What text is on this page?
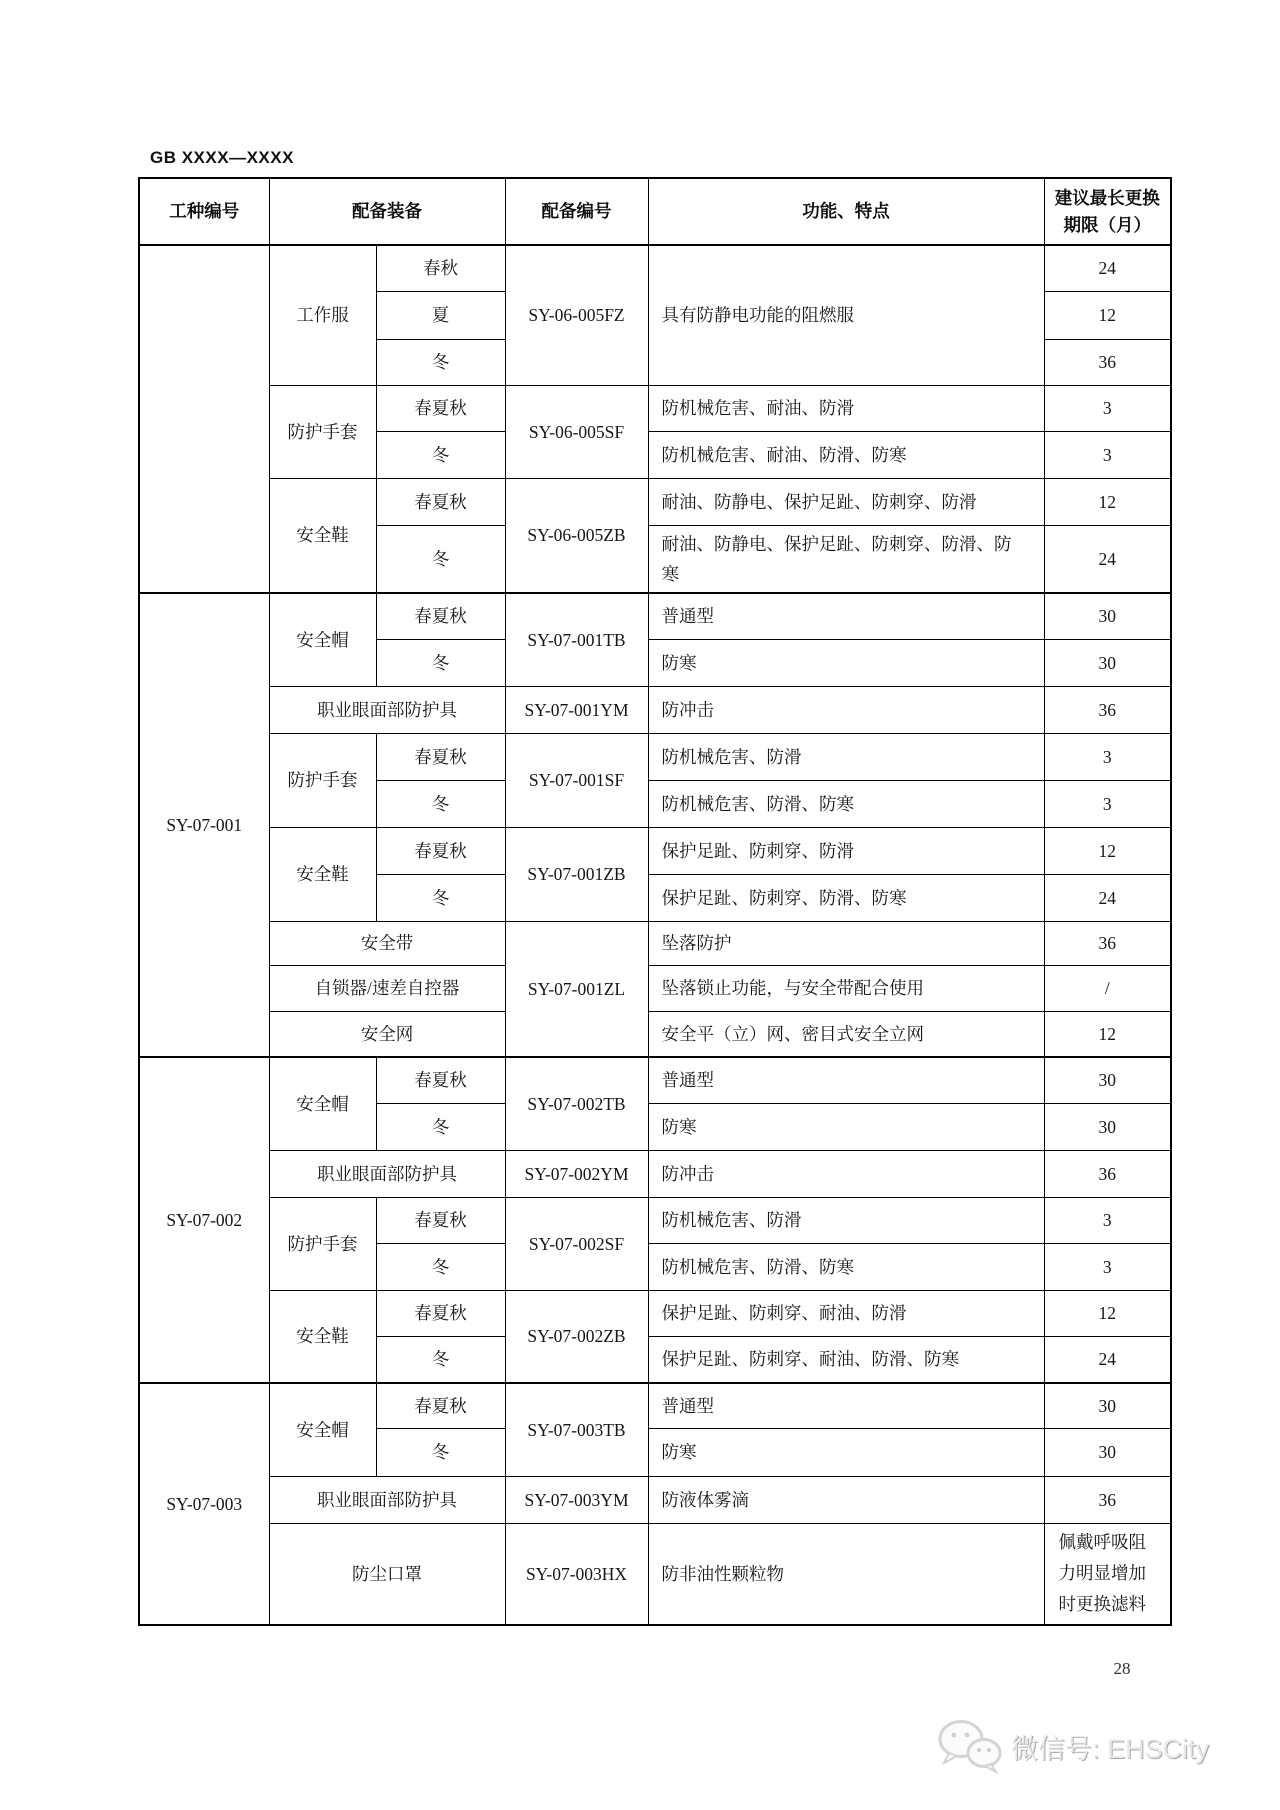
GB XXXX—XXXX
工种编号	配备装备		配备编号	功能、特点	建议最长更换期限（月）
	工作服	春秋	SY-06-005FZ	具有防静电功能的阻燃服	24
		夏			12
		冬			36
	防护手套	春夏秋	SY-06-005SF	防机械危害、耐油、防滑	3
		冬		防机械危害、耐油、防滑、防寒	3
	安全鞋	春夏秋	SY-06-005ZB	耐油、防静电、保护足趾、防刺穿、防滑	12
		冬		耐油、防静电、保护足趾、防刺穿、防滑、防寒	24
SY-07-001	安全帽	春夏秋	SY-07-001TB	普通型	30
		冬		防寒	30
	职业眼面部防护具		SY-07-001YM	防冲击	36
	防护手套	春夏秋	SY-07-001SF	防机械危害、防滑	3
		冬		防机械危害、防滑、防寒	3
	安全鞋	春夏秋	SY-07-001ZB	保护足趾、防刺穿、防滑	12
		冬		保护足趾、防刺穿、防滑、防寒	24
	安全带		SY-07-001ZL	坠落防护	36
	自锁器/速差自控器			坠落锁止功能，与安全带配合使用	/
	安全网			安全平（立）网、密目式安全立网	12
SY-07-002	安全帽	春夏秋	SY-07-002TB	普通型	30
		冬		防寒	30
	职业眼面部防护具		SY-07-002YM	防冲击	36
	防护手套	春夏秋	SY-07-002SF	防机械危害、防滑	3
		冬		防机械危害、防滑、防寒	3
	安全鞋	春夏秋	SY-07-002ZB	保护足趾、防刺穿、耐油、防滑	12
		冬		保护足趾、防刺穿、耐油、防滑、防寒	24
SY-07-003	安全帽	春夏秋	SY-07-003TB	普通型	30
		冬		防寒	30
	职业眼面部防护具		SY-07-003YM	防液体雾滴	36
	防尘口罩		SY-07-003HX	防非油性颗粒物	佩戴呼吸阻力明显增加时更换滤料
28
微信号: EHSCity
